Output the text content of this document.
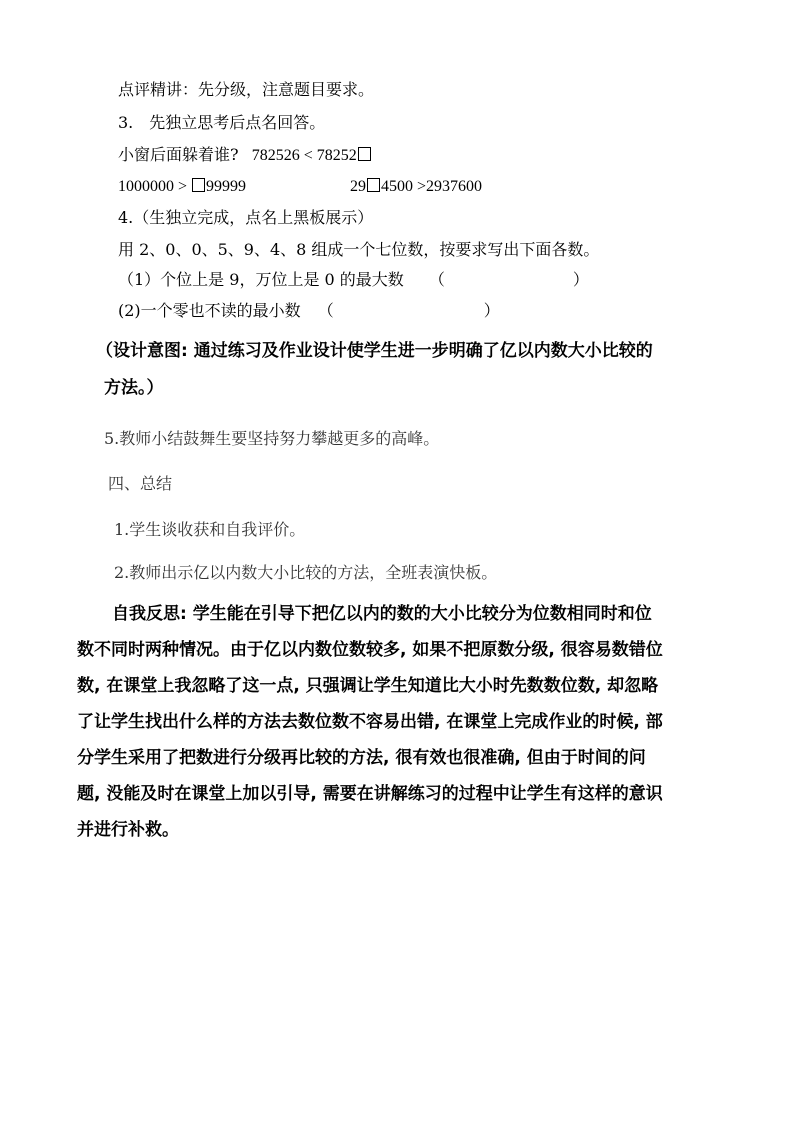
点评精讲：先分级，注意题目要求。
3.　先独立思考后点名回答。
小窗后面躲着谁? 782526 < 78252
1000000 > 99999	29 4500 >2937600
4.（生独立完成，点名上黑板展示）
用 2、0、0、5、9、4、8 组成一个七位数，按要求写出下面各数。
（1）个位上是 9，万位上是 0 的最大数 （	）
(2)一个零也不读的最小数 （	）
（设计意图: 通过练习及作业设计使学生进一步明确了亿以内数大小比较的
方法。）
5.教师小结鼓舞生要坚持努力攀越更多的高峰。
四、总结
1.学生谈收获和自我评价。
2.教师出示亿以内数大小比较的方法，全班表演快板。
自我反思: 学生能在引导下把亿以内的数的大小比较分为位数相同时和位
数不同时两种情况。由于亿以内数位数较多, 如果不把原数分级, 很容易数错位
数, 在课堂上我忽略了这一点, 只强调让学生知道比大小时先数数位数, 却忽略
了让学生找出什么样的方法去数位数不容易出错, 在课堂上完成作业的时候, 部
分学生采用了把数进行分级再比较的方法, 很有效也很准确, 但由于时间的问
题, 没能及时在课堂上加以引导, 需要在讲解练习的过程中让学生有这样的意识
并进行补救。
